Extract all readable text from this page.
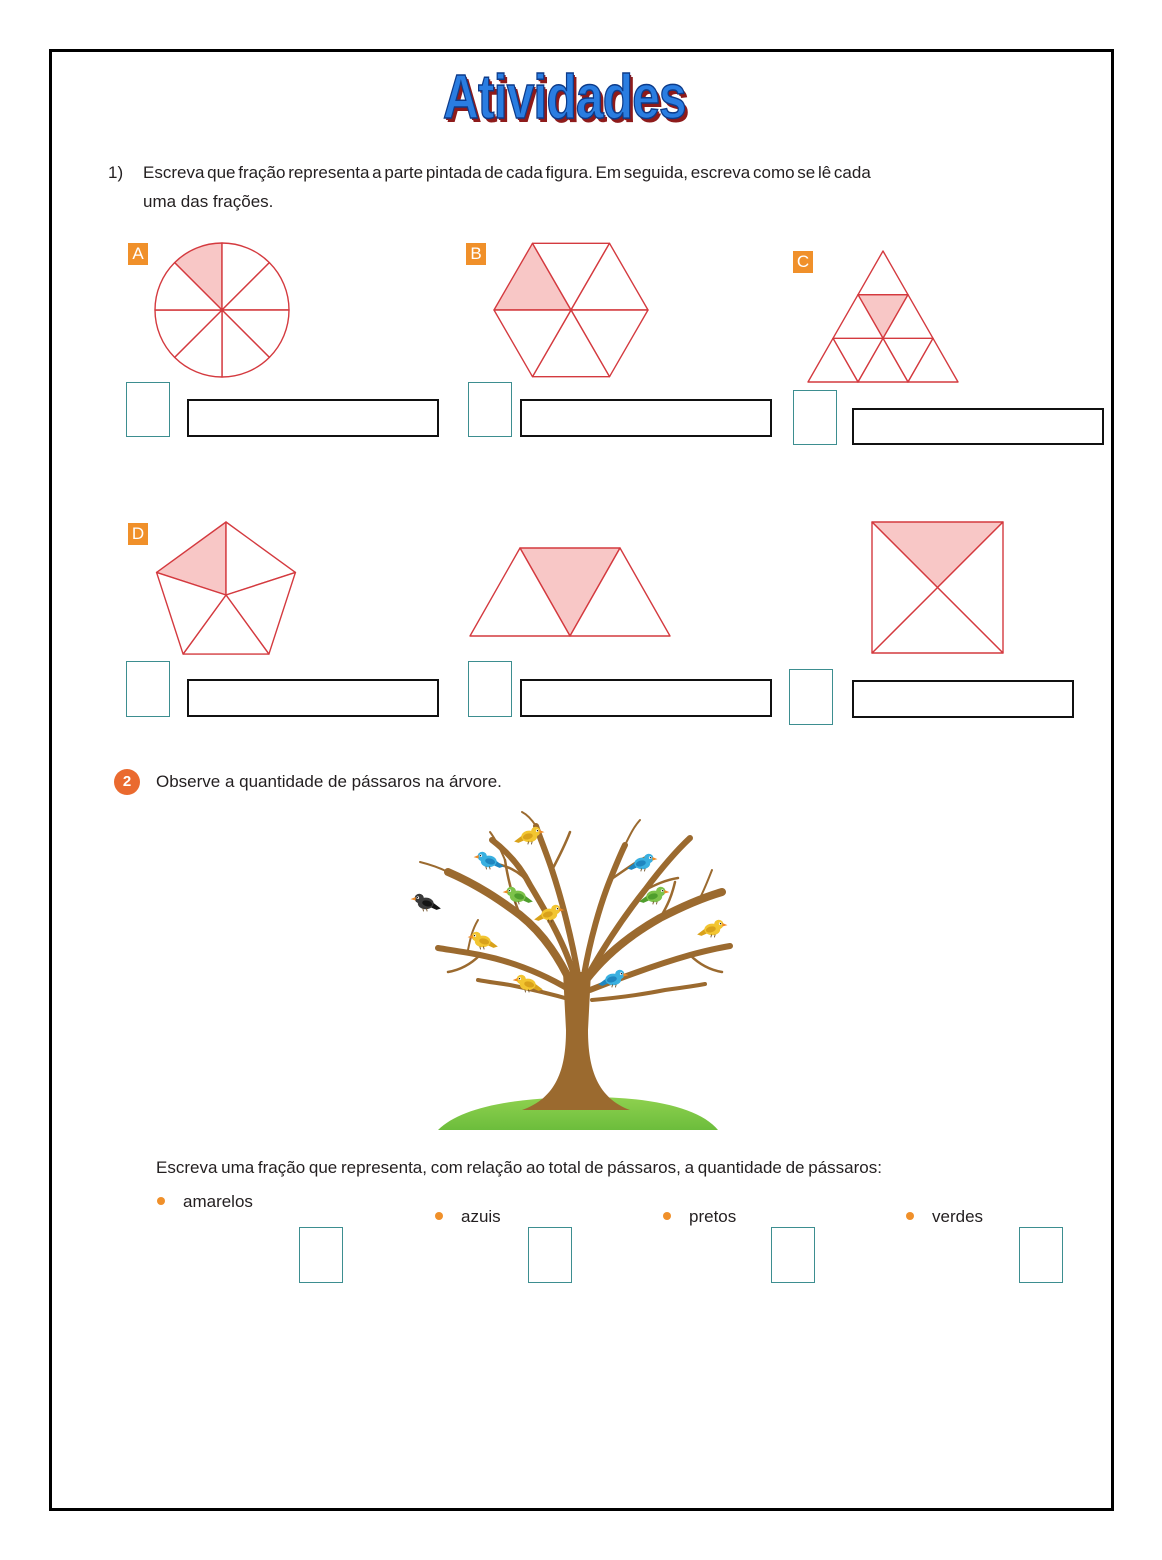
Atividades
1) Escreva que fração representa a parte pintada de cada figura. Em seguida, escreva como se lê cada
uma das frações.
A	B	C
D
2	Observe a quantidade de pássaros na árvore.
Escreva uma fração que representa, com relação ao total de pássaros, a quantidade de pássaros:
amarelos
azuis	pretos	verdes
